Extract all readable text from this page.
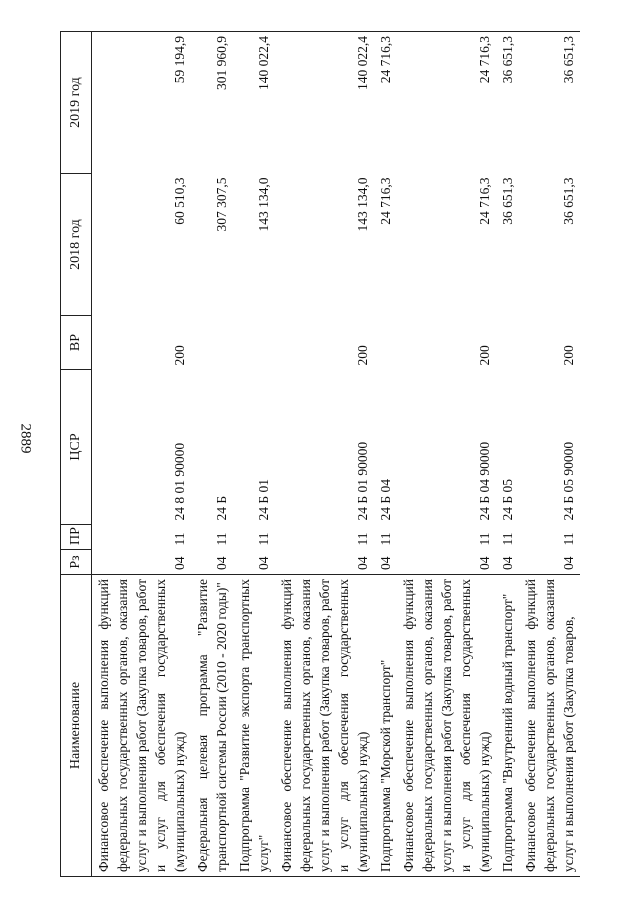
2889
Наименование	Рз	ПР	ЦСР	ВР	2018 год	2019 год
Финансовое обеспечение выполнения функций федеральных государственных органов, оказания услуг и выполнения работ (Закупка товаров, работ и услуг для обеспечения государственных (муниципальных) нужд)	04	11	24 8 01 90000	200	60 510,3	59 194,9
Федеральная целевая программа "Развитие транспортной системы России (2010 - 2020 годы)"	04	11	24 Б		307 307,5	301 960,9
Подпрограмма "Развитие экспорта транспортных услуг"	04	11	24 Б 01		143 134,0	140 022,4
Финансовое обеспечение выполнения функций федеральных государственных органов, оказания услуг и выполнения работ (Закупка товаров, работ и услуг для обеспечения государственных (муниципальных) нужд)	04	11	24 Б 01 90000	200	143 134,0	140 022,4
Подпрограмма "Морской транспорт"	04	11	24 Б 04		24 716,3	24 716,3
Финансовое обеспечение выполнения функций федеральных государственных органов, оказания услуг и выполнения работ (Закупка товаров, работ и услуг для обеспечения государственных (муниципальных) нужд)	04	11	24 Б 04 90000	200	24 716,3	24 716,3
Подпрограмма "Внутренний водный транспорт"	04	11	24 Б 05		36 651,3	36 651,3
Финансовое обеспечение выполнения функций федеральных государственных органов, оказания услуг и выполнения работ (Закупка товаров,	04	11	24 Б 05 90000	200	36 651,3	36 651,3
